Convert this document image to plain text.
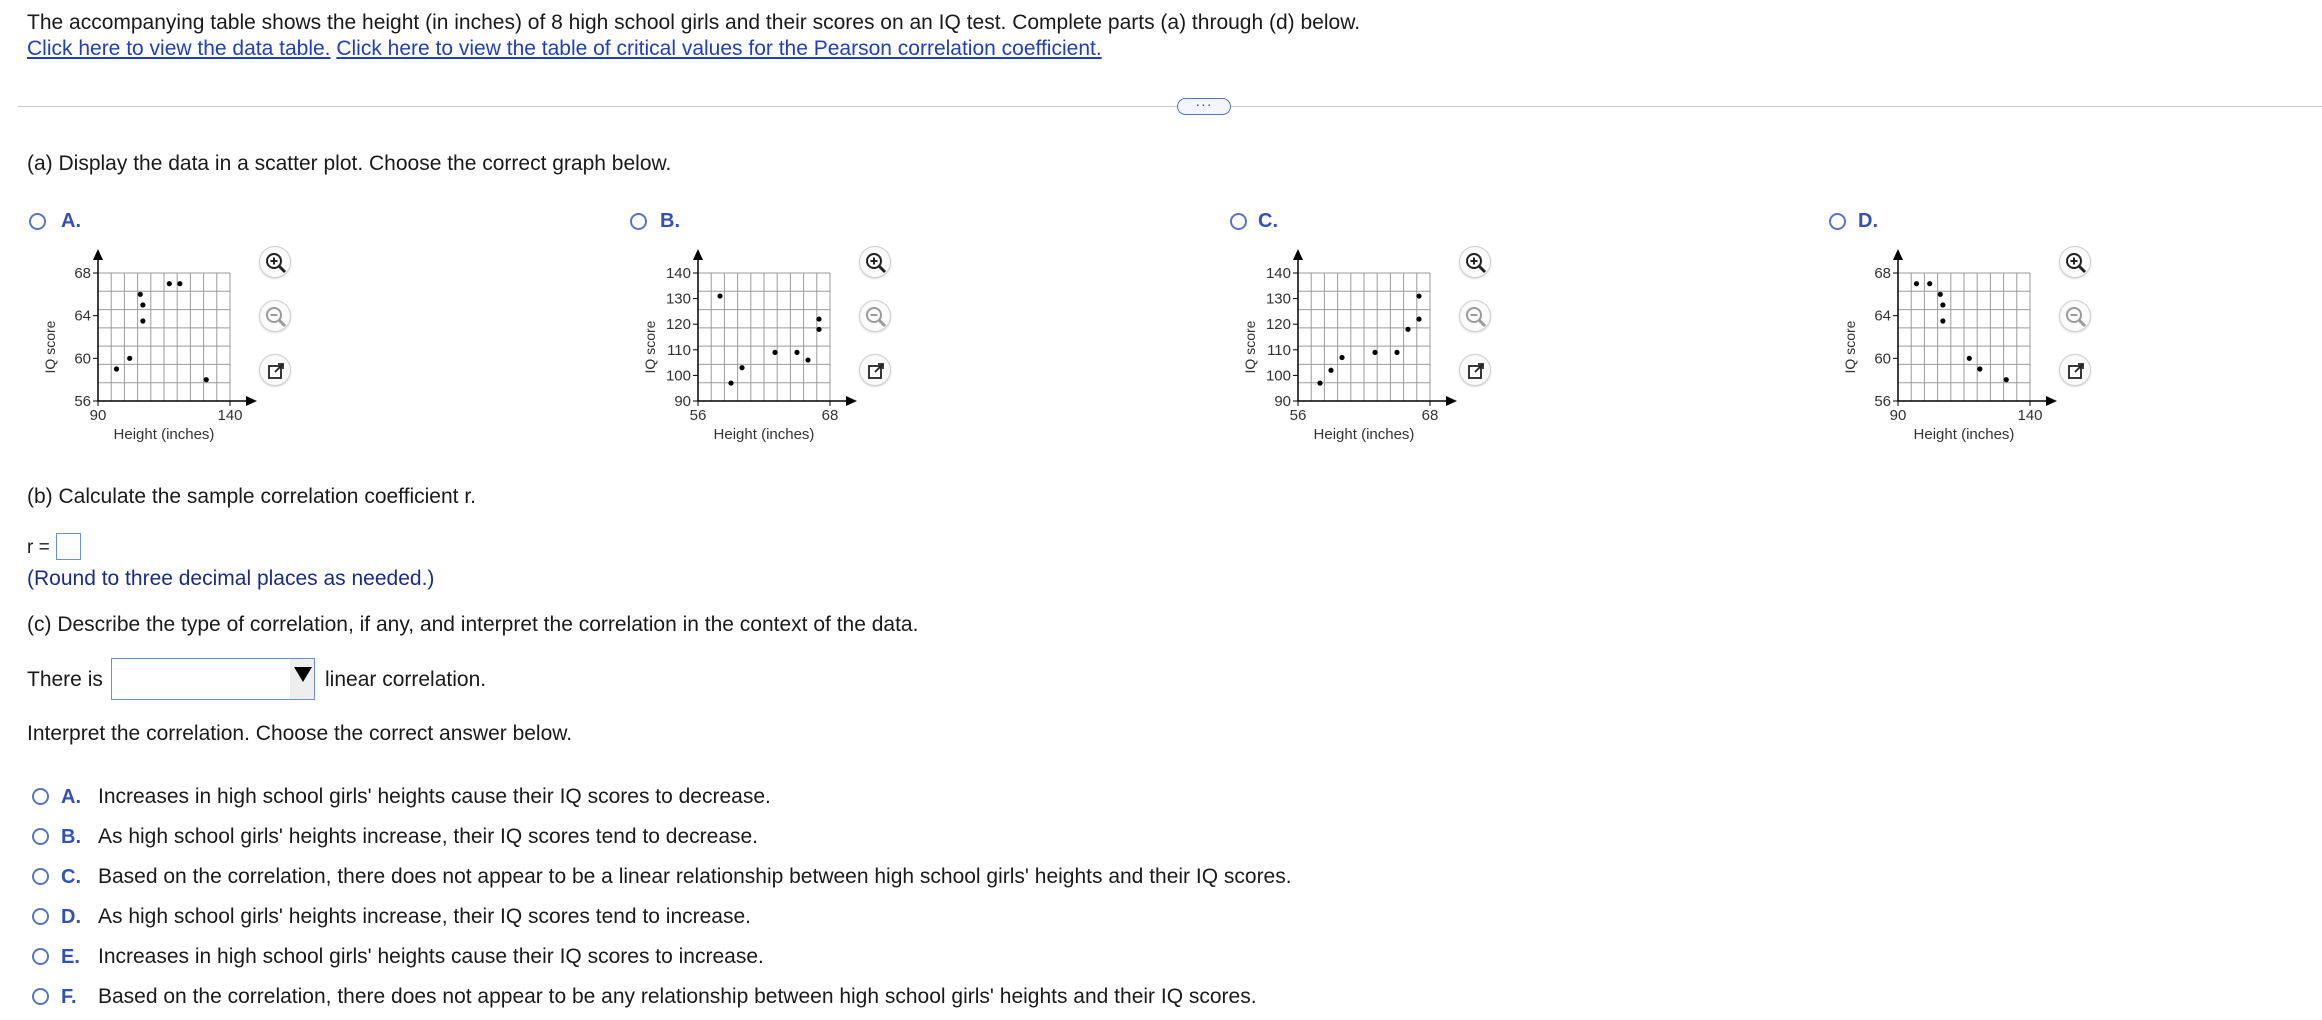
The accompanying table shows the height (in inches) of 8 high school girls and their scores on an IQ test. Complete parts (a) through (d) below.
Click here to view the data table. Click here to view the table of critical values for the Pearson correlation coefficient.
···
(a) Display the data in a scatter plot. Choose the correct graph below.
A.	B.	C.	D.
56
60
64
68
90	140
Height (inches)
IQ score
90
100
110
120
130
140
56	68
Height (inches)
IQ score
90
100
110
120
130
140
56	68
Height (inches)
IQ score
56
60
64
68
90	140
Height (inches)
IQ score
(b) Calculate the sample correlation coefficient r.
r =
(Round to three decimal places as needed.)
(c) Describe the type of correlation, if any, and interpret the correlation in the context of the data.
There is	linear correlation.
Interpret the correlation. Choose the correct answer below.
A. Increases in high school girls' heights cause their IQ scores to decrease.
B. As high school girls' heights increase, their IQ scores tend to decrease.
C. Based on the correlation, there does not appear to be a linear relationship between high school girls' heights and their IQ scores.
D. As high school girls' heights increase, their IQ scores tend to increase.
E. Increases in high school girls' heights cause their IQ scores to increase.
F. Based on the correlation, there does not appear to be any relationship between high school girls' heights and their IQ scores.
